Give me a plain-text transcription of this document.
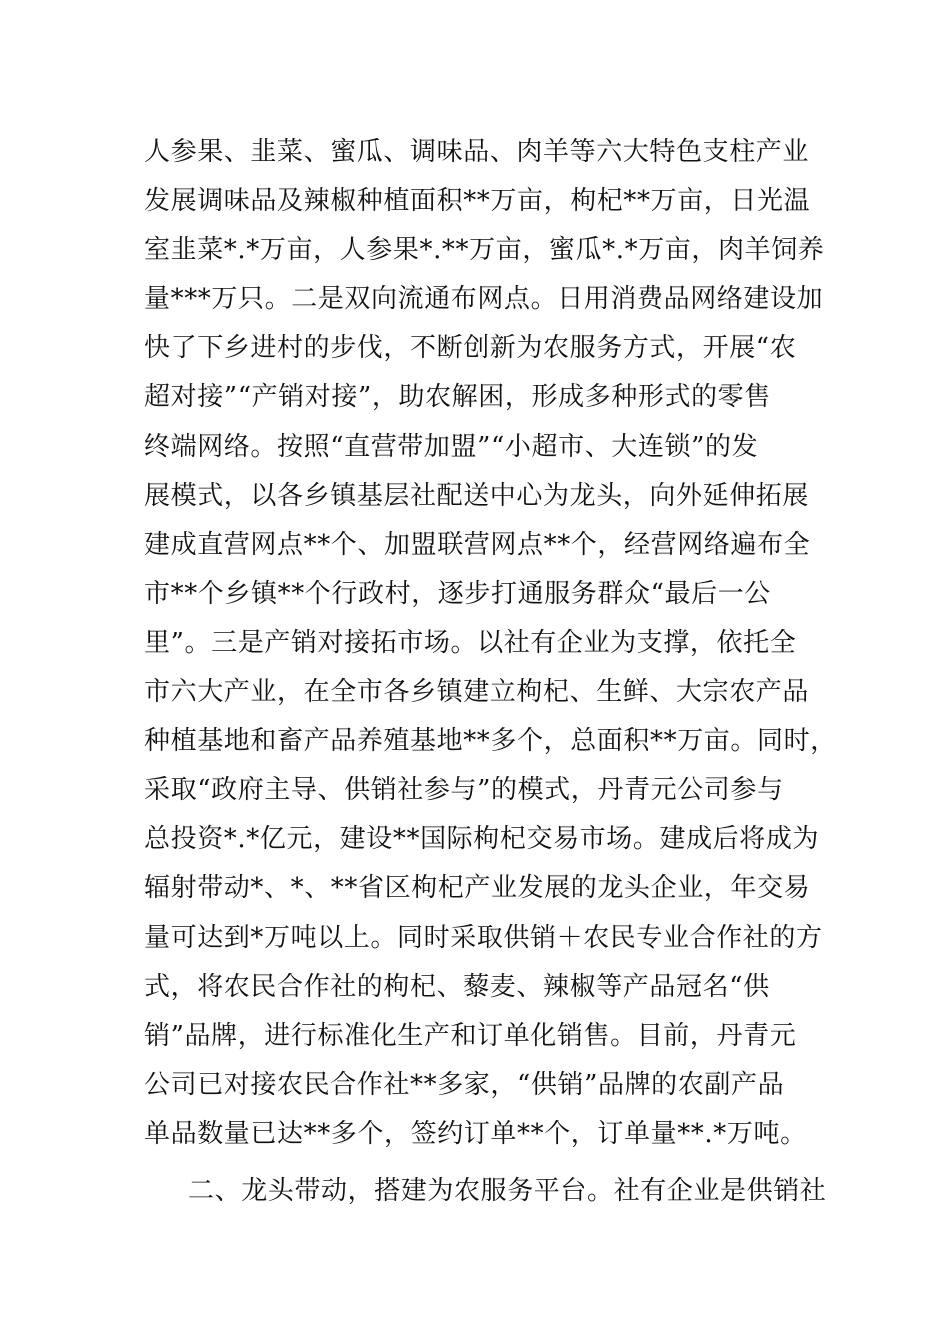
人参果、韭菜、蜜瓜、调味品、肉羊等六大特色支柱产业
发展调味品及辣椒种植面积**万亩，枸杞**万亩，日光温
室韭菜*.*万亩，人参果*.**万亩，蜜瓜*.*万亩，肉羊饲养
量***万只。二是双向流通布网点。日用消费品网络建设加
快了下乡进村的步伐，不断创新为农服务方式，开展“农
超对接”“产销对接”，助农解困，形成多种形式的零售
终端网络。按照“直营带加盟”“小超市、大连锁”的发
展模式，以各乡镇基层社配送中心为龙头，向外延伸拓展
建成直营网点**个、加盟联营网点**个，经营网络遍布全
市**个乡镇**个行政村，逐步打通服务群众“最后一公
里”。三是产销对接拓市场。以社有企业为支撑，依托全
市六大产业，在全市各乡镇建立枸杞、生鲜、大宗农产品
种植基地和畜产品养殖基地**多个，总面积**万亩。同时，
采取“政府主导、供销社参与”的模式，丹青元公司参与
总投资*.*亿元，建设**国际枸杞交易市场。建成后将成为
辐射带动*、*、**省区枸杞产业发展的龙头企业，年交易
量可达到*万吨以上。同时采取供销＋农民专业合作社的方
式，将农民合作社的枸杞、藜麦、辣椒等产品冠名“供
销”品牌，进行标准化生产和订单化销售。目前，丹青元
公司已对接农民合作社**多家，“供销”品牌的农副产品
单品数量已达**多个，签约订单**个，订单量**.*万吨。
二、龙头带动，搭建为农服务平台。社有企业是供销社
